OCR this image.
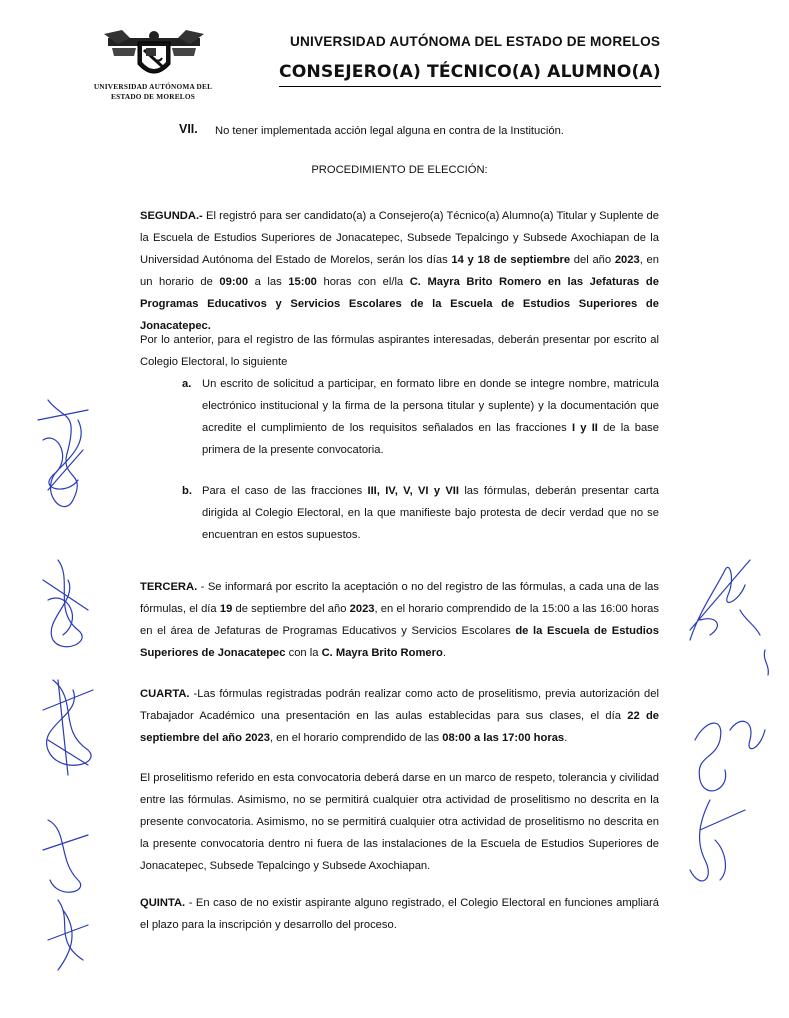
UNIVERSIDAD AUTÓNOMA DEL
ESTADO DE MORELOS
UNIVERSIDAD AUTÓNOMA DEL ESTADO DE MORELOS
CONSEJERO(A) TÉCNICO(A) ALUMNO(A)
VII. No tener implementada acción legal alguna en contra de la Institución.
PROCEDIMIENTO DE ELECCIÓN:
SEGUNDA.- El registró para ser candidato(a) a Consejero(a) Técnico(a) Alumno(a) Titular y Suplente de la Escuela de Estudios Superiores de Jonacatepec, Subsede Tepalcingo y Subsede Axochiapan de la Universidad Autónoma del Estado de Morelos, serán los días 14 y 18 de septiembre del año 2023, en un horario de 09:00 a las 15:00 horas con el/la C. Mayra Brito Romero en las Jefaturas de Programas Educativos y Servicios Escolares de la Escuela de Estudios Superiores de Jonacatepec.
Por lo anterior, para el registro de las fórmulas aspirantes interesadas, deberán presentar por escrito al Colegio Electoral, lo siguiente
a. Un escrito de solicitud a participar, en formato libre en donde se integre nombre, matricula electrónico institucional y la firma de la persona titular y suplente) y la documentación que acredite el cumplimiento de los requisitos señalados en las fracciones I y II de la base primera de la presente convocatoria.
b. Para el caso de las fracciones III, IV, V, VI y VII las fórmulas, deberán presentar carta dirigida al Colegio Electoral, en la que manifieste bajo protesta de decir verdad que no se encuentran en estos supuestos.
TERCERA. - Se informará por escrito la aceptación o no del registro de las fórmulas, a cada una de las fórmulas, el día 19 de septiembre del año 2023, en el horario comprendido de la 15:00 a las 16:00 horas en el área de Jefaturas de Programas Educativos y Servicios Escolares de la Escuela de Estudios Superiores de Jonacatepec con la C. Mayra Brito Romero.
CUARTA. -Las fórmulas registradas podrán realizar como acto de proselitismo, previa autorización del Trabajador Académico una presentación en las aulas establecidas para sus clases, el día 22 de septiembre del año 2023, en el horario comprendido de las 08:00 a las 17:00 horas.
El proselitismo referido en esta convocatoria deberá darse en un marco de respeto, tolerancia y civilidad entre las fórmulas. Asimismo, no se permitirá cualquier otra actividad de proselitismo no descrita en la presente convocatoria. Asimismo, no se permitirá cualquier otra actividad de proselitismo no descrita en la presente convocatoria dentro ni fuera de las instalaciones de la Escuela de Estudios Superiores de Jonacatepec, Subsede Tepalcingo y Subsede Axochiapan.
QUINTA. - En caso de no existir aspirante alguno registrado, el Colegio Electoral en funciones ampliará el plazo para la inscripción y desarrollo del proceso.
